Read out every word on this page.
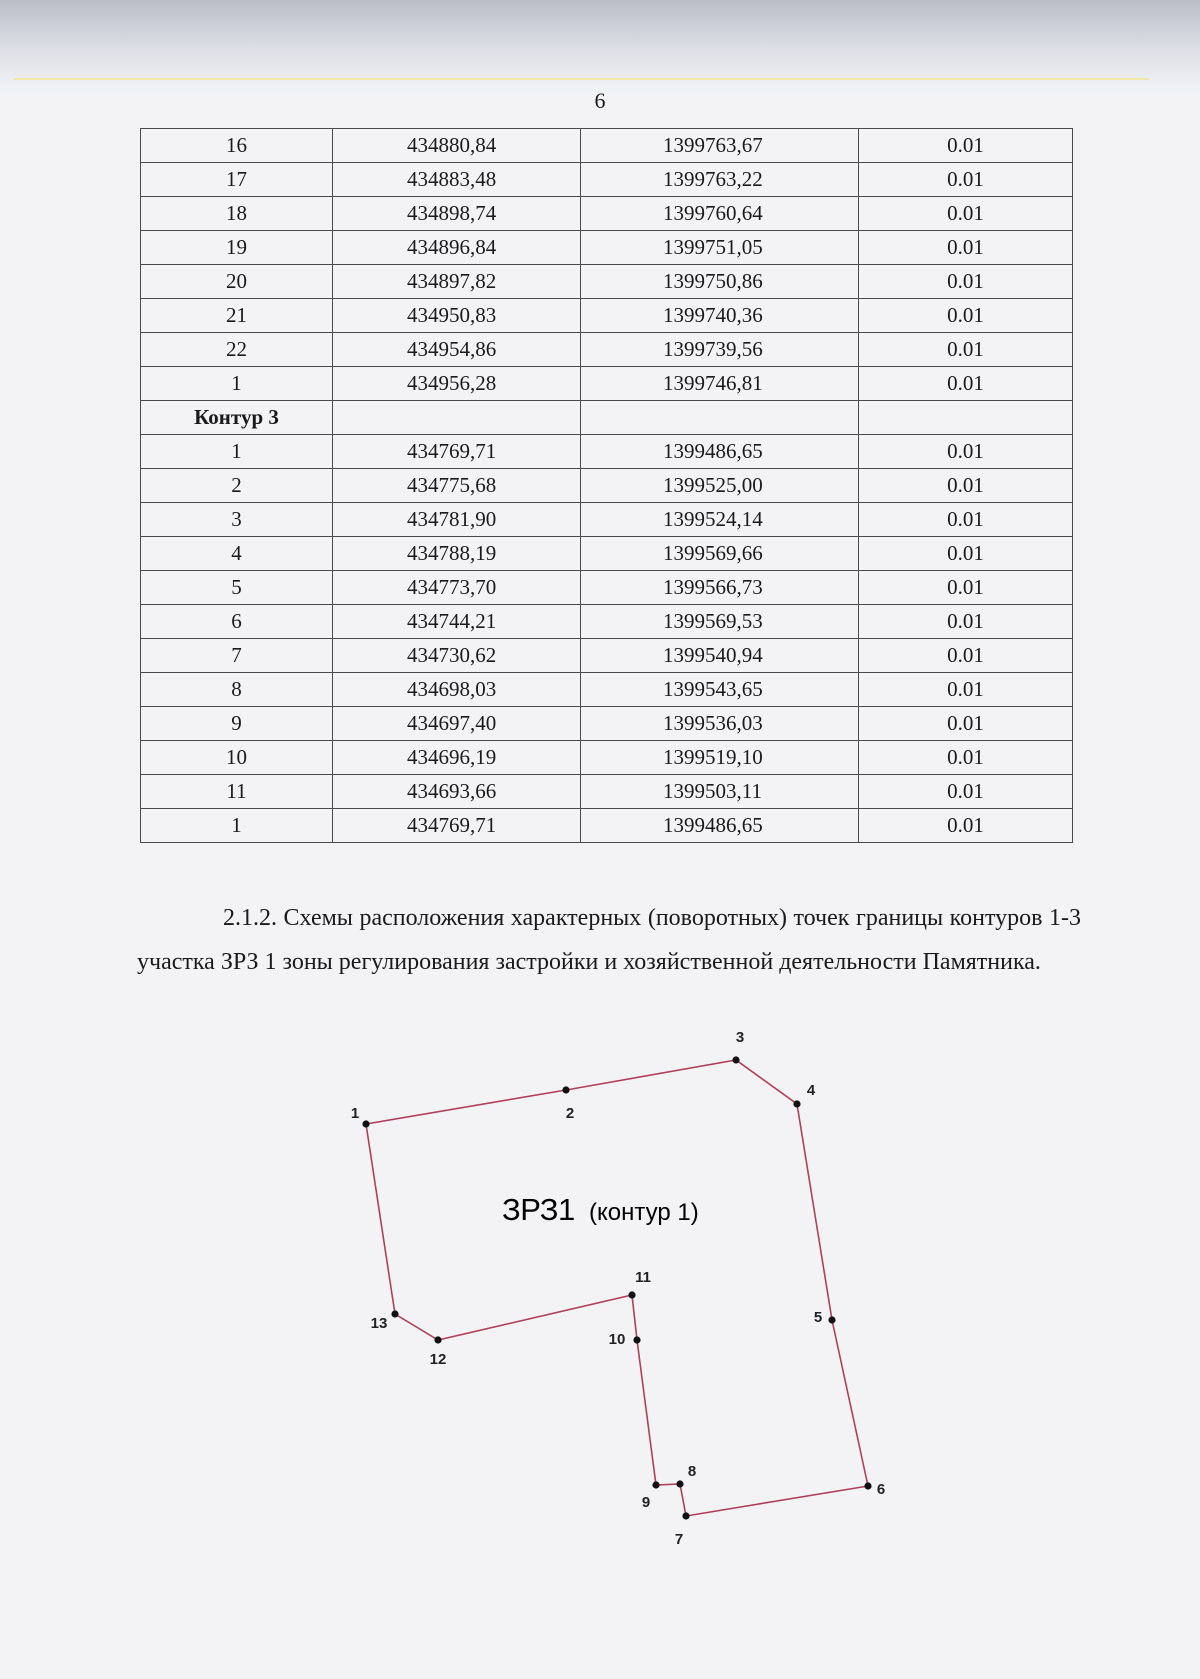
6
16	434880,84	1399763,67	0.01
17	434883,48	1399763,22	0.01
18	434898,74	1399760,64	0.01
19	434896,84	1399751,05	0.01
20	434897,82	1399750,86	0.01
21	434950,83	1399740,36	0.01
22	434954,86	1399739,56	0.01
1	434956,28	1399746,81	0.01
Контур 3			
1	434769,71	1399486,65	0.01
2	434775,68	1399525,00	0.01
3	434781,90	1399524,14	0.01
4	434788,19	1399569,66	0.01
5	434773,70	1399566,73	0.01
6	434744,21	1399569,53	0.01
7	434730,62	1399540,94	0.01
8	434698,03	1399543,65	0.01
9	434697,40	1399536,03	0.01
10	434696,19	1399519,10	0.01
11	434693,66	1399503,11	0.01
1	434769,71	1399486,65	0.01

2.1.2. Схемы расположения характерных (поворотных) точек границы контуров 1-3 участка ЗРЗ 1 зоны регулирования застройки и хозяйственной деятельности Памятника.

1	2
3
4
5
6
7
8
9
10
11
12
13
ЗРЗ1 (контур 1)
